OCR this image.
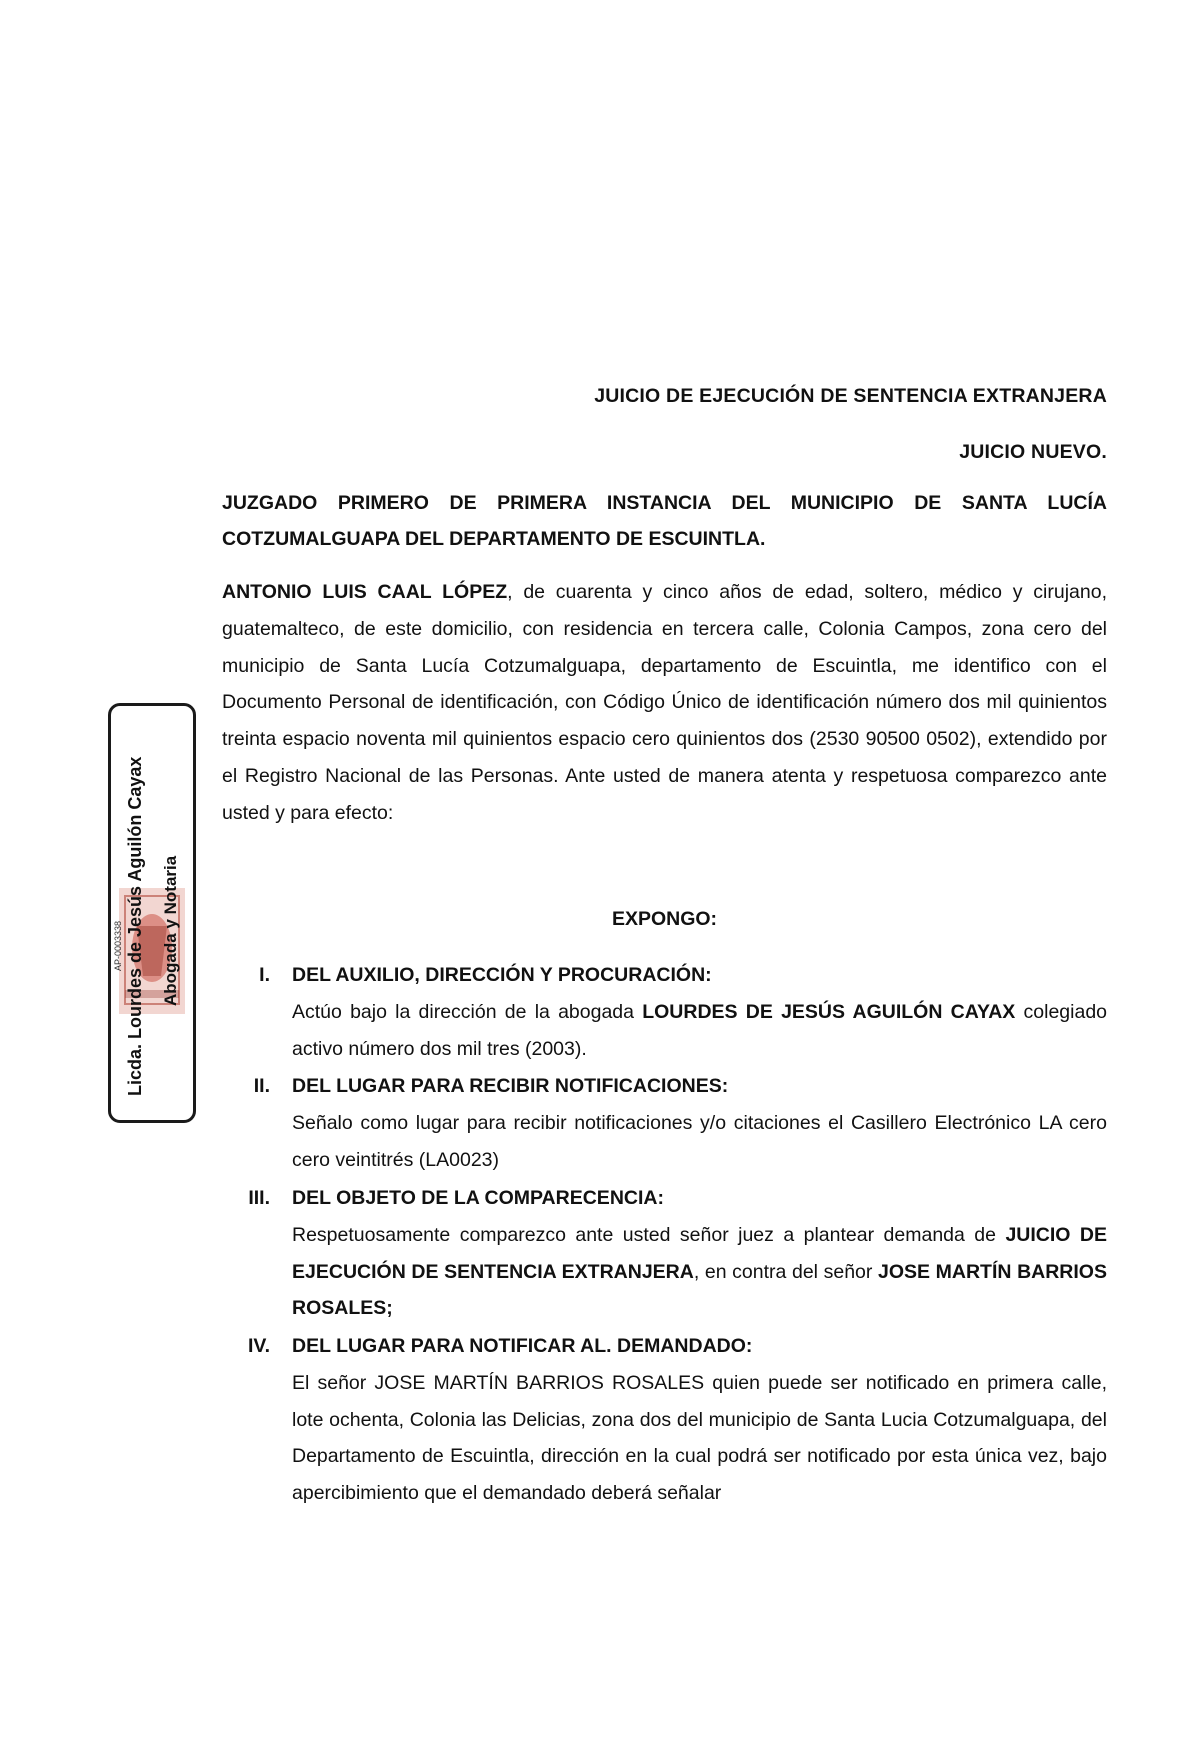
JUICIO DE EJECUCIÓN DE SENTENCIA EXTRANJERA
JUICIO NUEVO.
JUZGADO PRIMERO DE PRIMERA INSTANCIA DEL MUNICIPIO DE SANTA LUCÍA COTZUMALGUAPA DEL DEPARTAMENTO DE ESCUINTLA.
ANTONIO LUIS CAAL LÓPEZ, de cuarenta y cinco años de edad, soltero, médico y cirujano, guatemalteco, de este domicilio, con residencia en tercera calle, Colonia Campos, zona cero del municipio de Santa Lucía Cotzumalguapa, departamento de Escuintla, me identifico con el Documento Personal de identificación, con Código Único de identificación número dos mil quinientos treinta espacio noventa mil quinientos espacio cero quinientos dos (2530 90500 0502), extendido por el Registro Nacional de las Personas. Ante usted de manera atenta y respetuosa comparezco ante usted y para efecto:
EXPONGO:
I. DEL AUXILIO, DIRECCIÓN Y PROCURACIÓN:
Actúo bajo la dirección de la abogada LOURDES DE JESÚS AGUILÓN CAYAX colegiado activo número dos mil tres (2003).
II. DEL LUGAR PARA RECIBIR NOTIFICACIONES:
Señalo como lugar para recibir notificaciones y/o citaciones el Casillero Electrónico LA cero cero veintitrés (LA0023)
III. DEL OBJETO DE LA COMPARECENCIA:
Respetuosamente comparezco ante usted señor juez a plantear demanda de JUICIO DE EJECUCIÓN DE SENTENCIA EXTRANJERA, en contra del señor JOSE MARTÍN BARRIOS ROSALES;
IV. DEL LUGAR PARA NOTIFICAR AL. DEMANDADO:
El señor JOSE MARTÍN BARRIOS ROSALES quien puede ser notificado en primera calle, lote ochenta, Colonia las Delicias, zona dos del municipio de Santa Lucia Cotzumalguapa, del Departamento de Escuintla, dirección en la cual podrá ser notificado por esta única vez, bajo apercibimiento que el demandado deberá señalar
AP-0003338 Licda. Lourdes de Jesús Aguilón Cayax Abogada y Notaria
